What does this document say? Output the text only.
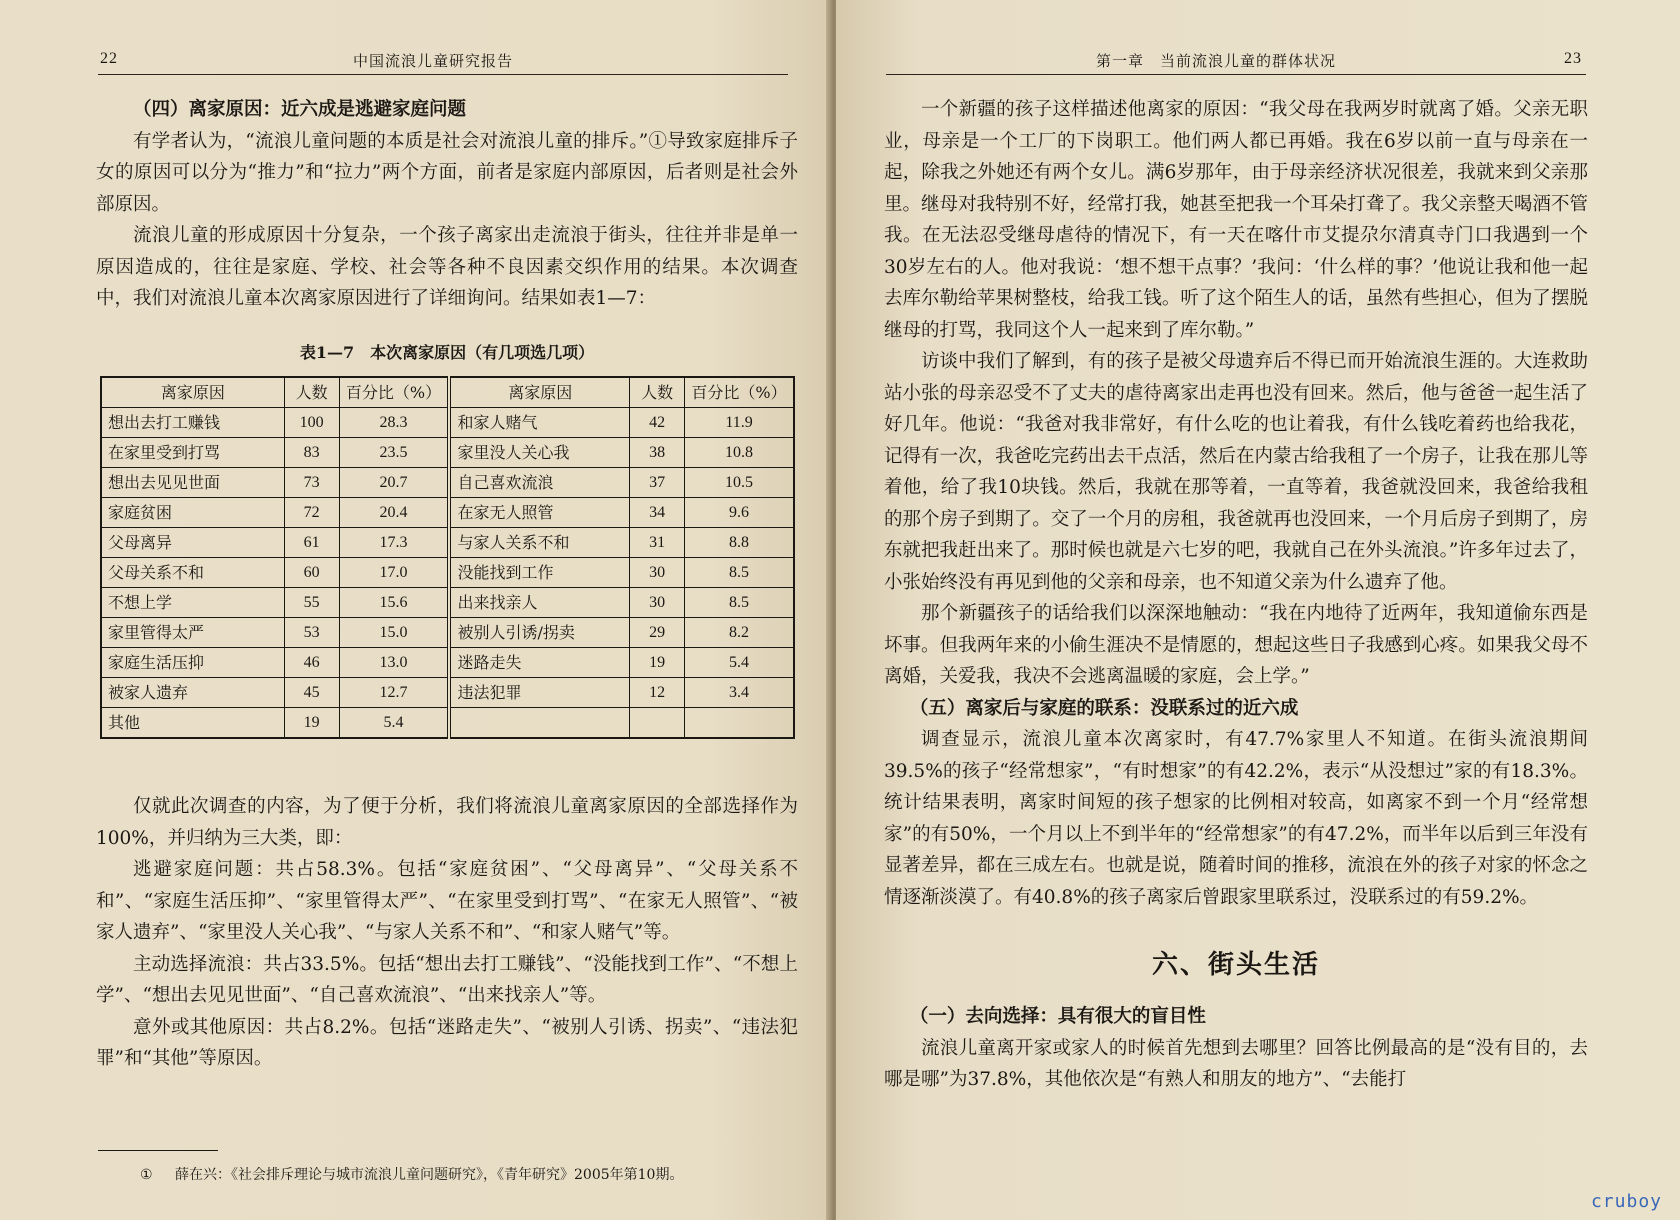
22	中国流浪儿童研究报告
（四）离家原因：近六成是逃避家庭问题

有学者认为，“流浪儿童问题的本质是社会对流浪儿童的排斥。”①导致家庭排斥子女的原因可以分为“推力”和“拉力”两个方面，前者是家庭内部原因，后者则是社会外部原因。

流浪儿童的形成原因十分复杂，一个孩子离家出走流浪于街头，往往并非是单一原因造成的，往往是家庭、学校、社会等各种不良因素交织作用的结果。本次调查中，我们对流浪儿童本次离家原因进行了详细询问。结果如表1—7：

表1—7　本次离家原因（有几项选几项）
离家原因	人数	百分比（%）	离家原因	人数	百分比（%）
想出去打工赚钱	100	28.3	和家人赌气	42	11.9
在家里受到打骂	83	23.5	家里没人关心我	38	10.8
想出去见见世面	73	20.7	自己喜欢流浪	37	10.5
家庭贫困	72	20.4	在家无人照管	34	9.6
父母离异	61	17.3	与家人关系不和	31	8.8
父母关系不和	60	17.0	没能找到工作	30	8.5
不想上学	55	15.6	出来找亲人	30	8.5
家里管得太严	53	15.0	被别人引诱/拐卖	29	8.2
家庭生活压抑	46	13.0	迷路走失	19	5.4
被家人遗弃	45	12.7	违法犯罪	12	3.4
其他	19	5.4			

仅就此次调查的内容，为了便于分析，我们将流浪儿童离家原因的全部选择作为100%，并归纳为三大类，即：

逃避家庭问题：共占58.3%。包括“家庭贫困”、“父母离异”、“父母关系不和”、“家庭生活压抑”、“家里管得太严”、“在家里受到打骂”、“在家无人照管”、“被家人遗弃”、“家里没人关心我”、“与家人关系不和”、“和家人赌气”等。

主动选择流浪：共占33.5%。包括“想出去打工赚钱”、“没能找到工作”、“不想上学”、“想出去见见世面”、“自己喜欢流浪”、“出来找亲人”等。

意外或其他原因：共占8.2%。包括“迷路走失”、“被别人引诱、拐卖”、“违法犯罪”和“其他”等原因。

① 薛在兴：《社会排斥理论与城市流浪儿童问题研究》，《青年研究》2005年第10期。
第一章　当前流浪儿童的群体状况	23

一个新疆的孩子这样描述他离家的原因：“我父母在我两岁时就离了婚。父亲无职业，母亲是一个工厂的下岗职工。他们两人都已再婚。我在6岁以前一直与母亲在一起，除我之外她还有两个女儿。满6岁那年，由于母亲经济状况很差，我就来到父亲那里。继母对我特别不好，经常打我，她甚至把我一个耳朵打聋了。我父亲整天喝酒不管我。在无法忍受继母虐待的情况下，有一天在喀什市艾提尕尔清真寺门口我遇到一个30岁左右的人。他对我说：‘想不想干点事？’我问：‘什么样的事？’他说让我和他一起去库尔勒给苹果树整枝，给我工钱。听了这个陌生人的话，虽然有些担心，但为了摆脱继母的打骂，我同这个人一起来到了库尔勒。”

访谈中我们了解到，有的孩子是被父母遗弃后不得已而开始流浪生涯的。大连救助站小张的母亲忍受不了丈夫的虐待离家出走再也没有回来。然后，他与爸爸一起生活了好几年。他说：“我爸对我非常好，有什么吃的也让着我，有什么钱吃着药也给我花，记得有一次，我爸吃完药出去干点活，然后在内蒙古给我租了一个房子，让我在那儿等着他，给了我10块钱。然后，我就在那等着，一直等着，我爸就没回来，我爸给我租的那个房子到期了。交了一个月的房租，我爸就再也没回来，一个月后房子到期了，房东就把我赶出来了。那时候也就是六七岁的吧，我就自己在外头流浪。”许多年过去了，小张始终没有再见到他的父亲和母亲，也不知道父亲为什么遗弃了他。

那个新疆孩子的话给我们以深深地触动：“我在内地待了近两年，我知道偷东西是坏事。但我两年来的小偷生涯决不是情愿的，想起这些日子我感到心疼。如果我父母不离婚，关爱我，我决不会逃离温暖的家庭，会上学。”

（五）离家后与家庭的联系：没联系过的近六成

调查显示，流浪儿童本次离家时，有47.7%家里人不知道。在街头流浪期间39.5%的孩子“经常想家”，“有时想家”的有42.2%，表示“从没想过”家的有18.3%。统计结果表明，离家时间短的孩子想家的比例相对较高，如离家不到一个月“经常想家”的有50%，一个月以上不到半年的“经常想家”的有47.2%，而半年以后到三年没有显著差异，都在三成左右。也就是说，随着时间的推移，流浪在外的孩子对家的怀念之情逐渐淡漠了。有40.8%的孩子离家后曾跟家里联系过，没联系过的有59.2%。

六、街头生活
（一）去向选择：具有很大的盲目性

流浪儿童离开家或家人的时候首先想到去哪里？回答比例最高的是“没有目的，去哪是哪”为37.8%，其他依次是“有熟人和朋友的地方”、“去能打

cruboy
